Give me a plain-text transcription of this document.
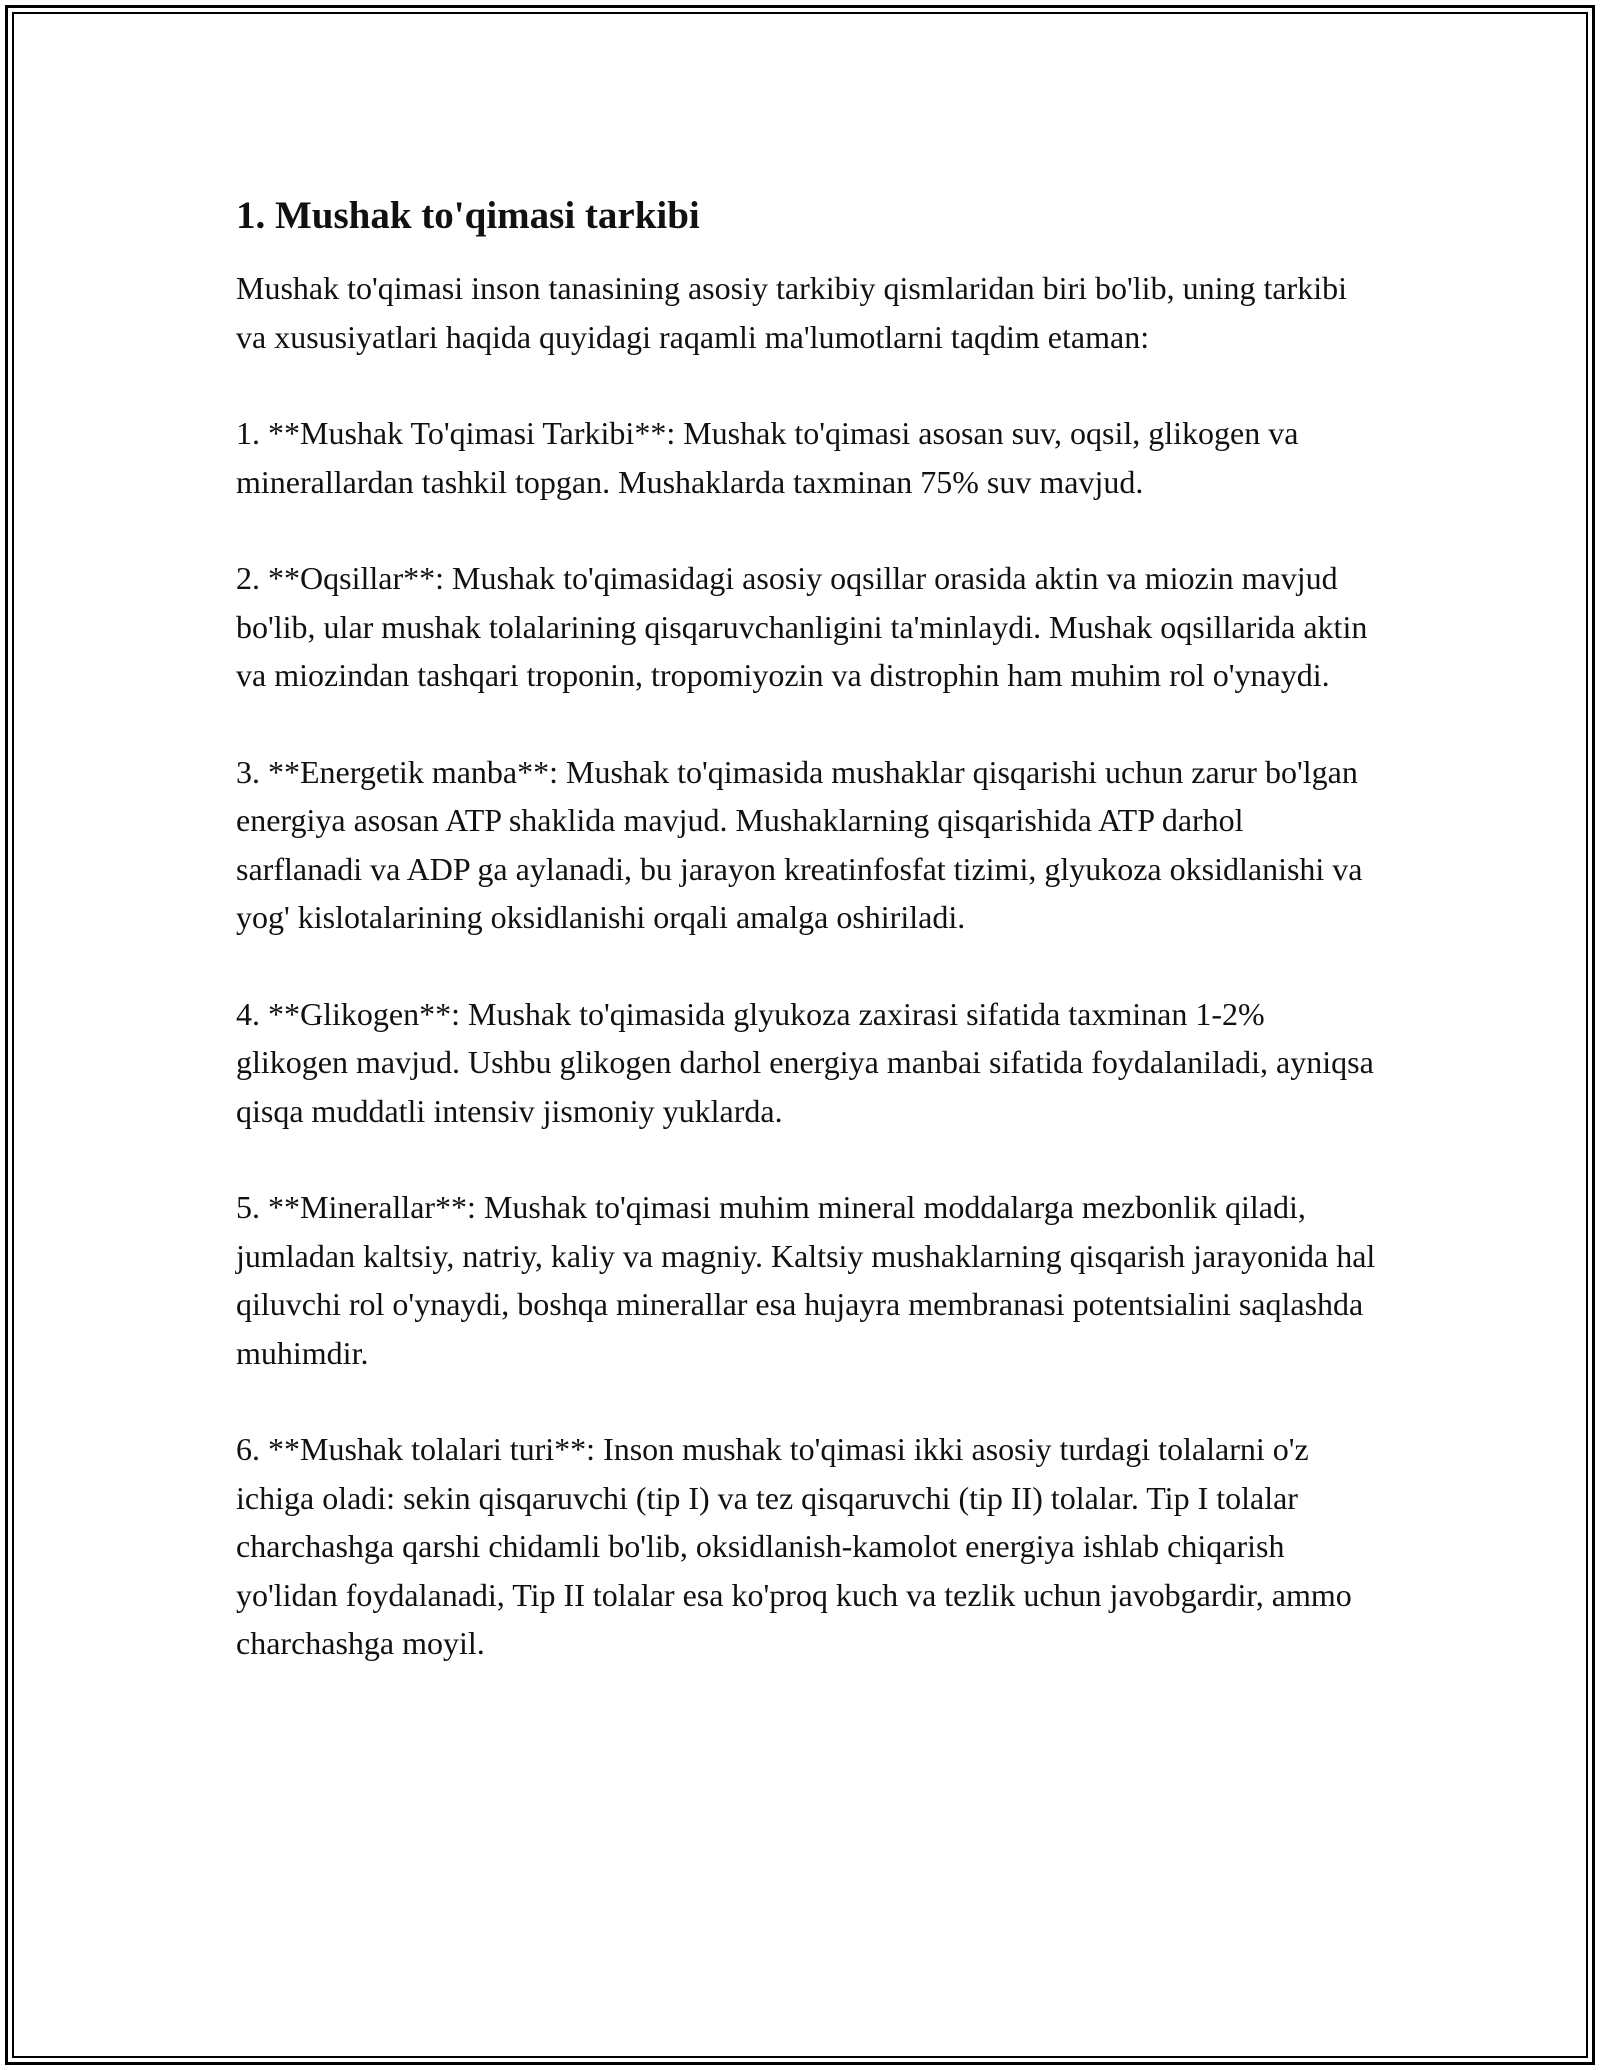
1. Mushak to'qimasi tarkibi

Mushak to'qimasi inson tanasining asosiy tarkibiy qismlaridan biri bo'lib, uning tarkibi va xususiyatlari haqida quyidagi raqamli ma'lumotlarni taqdim etaman:

1. **Mushak To'qimasi Tarkibi**: Mushak to'qimasi asosan suv, oqsil, glikogen va minerallardan tashkil topgan. Mushaklarda taxminan 75% suv mavjud.

2. **Oqsillar**: Mushak to'qimasidagi asosiy oqsillar orasida aktin va miozin mavjud bo'lib, ular mushak tolalarining qisqaruvchanligini ta'minlaydi. Mushak oqsillarida aktin va miozindan tashqari troponin, tropomiyozin va distrophin ham muhim rol o'ynaydi.

3. **Energetik manba**: Mushak to'qimasida mushaklar qisqarishi uchun zarur bo'lgan energiya asosan ATP shaklida mavjud. Mushaklarning qisqarishida ATP darhol sarflanadi va ADP ga aylanadi, bu jarayon kreatinfosfat tizimi, glyukoza oksidlanishi va yog' kislotalarining oksidlanishi orqali amalga oshiriladi.

4. **Glikogen**: Mushak to'qimasida glyukoza zaxirasi sifatida taxminan 1-2% glikogen mavjud. Ushbu glikogen darhol energiya manbai sifatida foydalaniladi, ayniqsa qisqa muddatli intensiv jismoniy yuklarda.

5. **Minerallar**: Mushak to'qimasi muhim mineral moddalarga mezbonlik qiladi, jumladan kaltsiy, natriy, kaliy va magniy. Kaltsiy mushaklarning qisqarish jarayonida hal qiluvchi rol o'ynaydi, boshqa minerallar esa hujayra membranasi potentsialini saqlashda muhimdir.

6. **Mushak tolalari turi**: Inson mushak to'qimasi ikki asosiy turdagi tolalarni o'z ichiga oladi: sekin qisqaruvchi (tip I) va tez qisqaruvchi (tip II) tolalar. Tip I tolalar charchashga qarshi chidamli bo'lib, oksidlanish-kamolot energiya ishlab chiqarish yo'lidan foydalanadi, Tip II tolalar esa ko'proq kuch va tezlik uchun javobgardir, ammo charchashga moyil.
